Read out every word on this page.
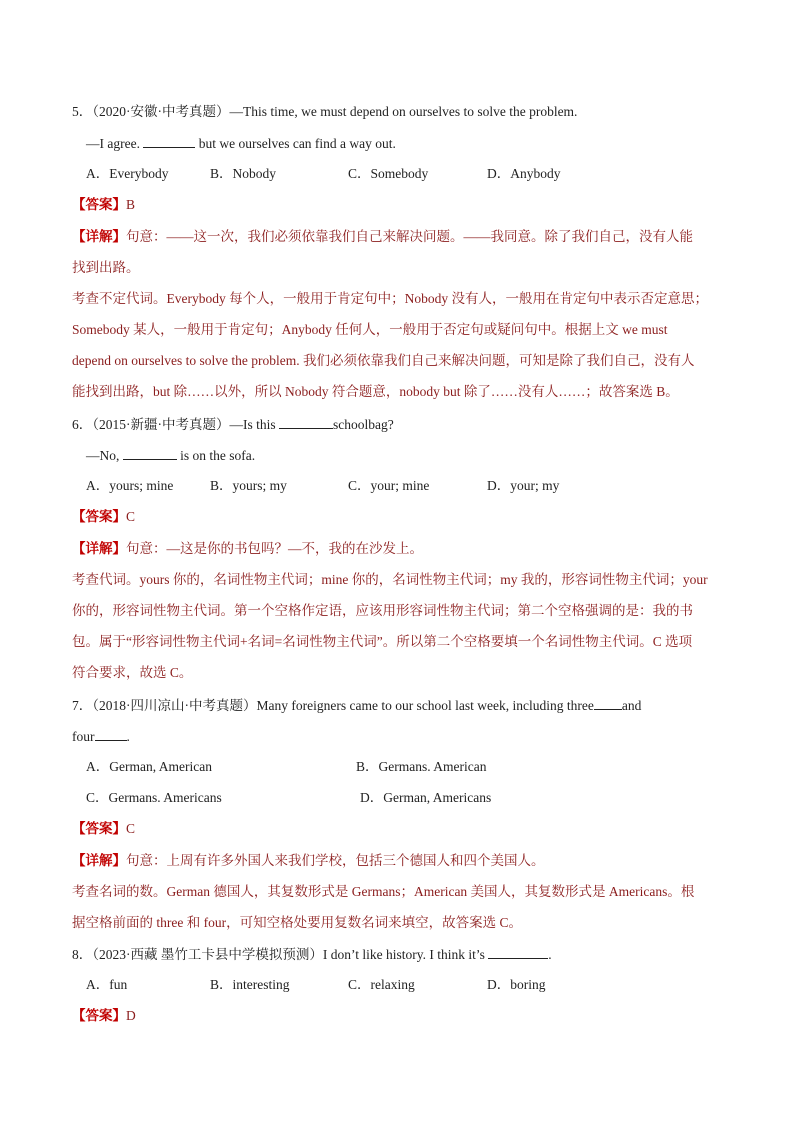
5．（2020·安徽·中考真题）—This time, we must depend on ourselves to solve the problem.
—I agree.	but we ourselves can find a way out.
A．Everybody	B．Nobody	C．Somebody	D．Anybody
【答案】B
【详解】句意：——这一次，我们必须依靠我们自己来解决问题。——我同意。除了我们自己，没有人能
找到出路。
考查不定代词。Everybody 每个人，一般用于肯定句中；Nobody 没有人，一般用在肯定句中表示否定意思；
Somebody 某人，一般用于肯定句；Anybody 任何人，一般用于否定句或疑问句中。根据上文 we must
depend on ourselves to solve the problem. 我们必须依靠我们自己来解决问题，可知是除了我们自己，没有人
能找到出路，but 除……以外，所以 Nobody 符合题意，nobody but 除了……没有人……；故答案选 B。
6．（2015·新疆·中考真题）—Is this	schoolbag?
—No,	is on the sofa.
A．yours; mine	B．yours; my	C．your; mine	D．your; my
【答案】C
【详解】句意：—这是你的书包吗？—不，我的在沙发上。
考查代词。yours 你的，名词性物主代词；mine 你的，名词性物主代词；my 我的，形容词性物主代词；your
你的，形容词性物主代词。第一个空格作定语，应该用形容词性物主代词；第二个空格强调的是：我的书
包。属于“形容词性物主代词+名词=名词性物主代词”。所以第二个空格要填一个名词性物主代词。C 选项
符合要求，故选 C。
7．（2018·四川凉山·中考真题）Many foreigners came to our school last week, including three and
four .
A．German, American	B．Germans. American
C．Germans. Americans	D．German, Americans
【答案】C
【详解】句意：上周有许多外国人来我们学校，包括三个德国人和四个美国人。
考查名词的数。German 德国人，其复数形式是 Germans；American 美国人，其复数形式是 Americans。根
据空格前面的 three 和 four，可知空格处要用复数名词来填空，故答案选 C。
8．（2023·西藏 墨竹工卡县中学模拟预测）I don’t like history. I think it’s	.
A．fun	B．interesting	C．relaxing	D．boring
【答案】D
